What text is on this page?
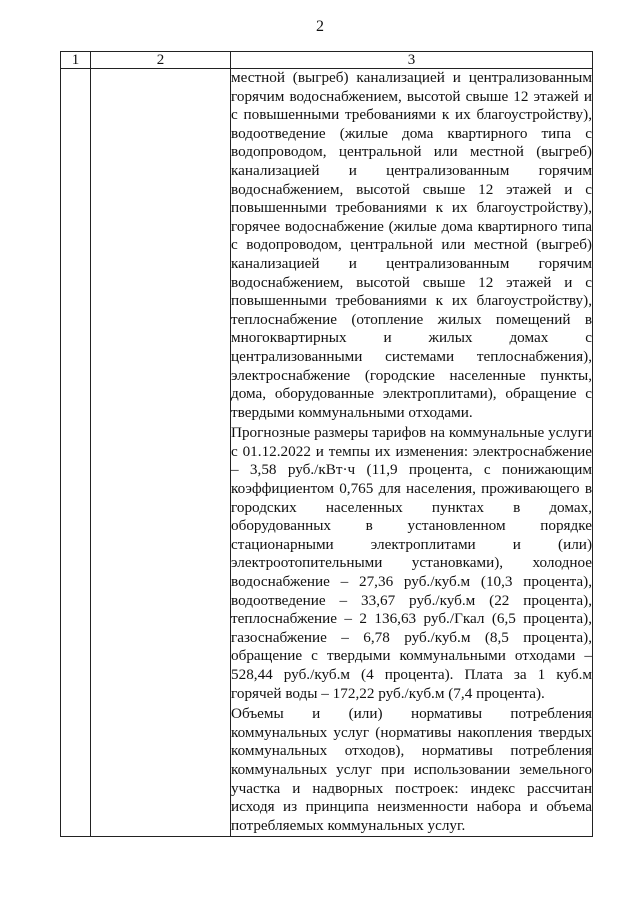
2
1	2	3

		местной (выгреб) канализацией и централизованным горячим водоснабжением, высотой свыше 12 этажей и с повышенными требованиями к их благоустройству), водоотведение (жилые дома квартирного типа с водопроводом, центральной или местной (выгреб) канализацией и централизованным горячим водоснабжением, высотой свыше 12 этажей и с повышенными требованиями к их благоустройству), горячее водоснабжение (жилые дома квартирного типа с водопроводом, центральной или местной (выгреб) канализацией и централизованным горячим водоснабжением, высотой свыше 12 этажей и с повышенными требованиями к их благоустройству), теплоснабжение (отопление жилых помещений в многоквартирных и жилых домах с централизованными системами теплоснабжения), электроснабжение (городские населенные пункты, дома, оборудованные электроплитами), обращение с твердыми коммунальными отходами.

Прогнозные размеры тарифов на коммунальные услуги с 01.12.2022 и темпы их изменения: электроснабжение – 3,58 руб./кВт·ч (11,9 процента, с понижающим коэффициентом 0,765 для населения, проживающего в городских населенных пунктах в домах, оборудованных в установленном порядке стационарными электроплитами и (или) электроотопительными установками), холодное водоснабжение – 27,36 руб./куб.м (10,3 процента), водоотведение – 33,67 руб./куб.м (22 процента), теплоснабжение – 2 136,63 руб./Гкал (6,5 процента), газоснабжение – 6,78 руб./куб.м (8,5 процента), обращение с твердыми коммунальными отходами – 528,44 руб./куб.м (4 процента). Плата за 1 куб.м горячей воды – 172,22 руб./куб.м (7,4 процента).

Объемы и (или) нормативы потребления коммунальных услуг (нормативы накопления твердых коммунальных отходов), нормативы потребления коммунальных услуг при использовании земельного участка и надворных построек: индекс рассчитан исходя из принципа неизменности набора и объема потребляемых коммунальных услуг.
